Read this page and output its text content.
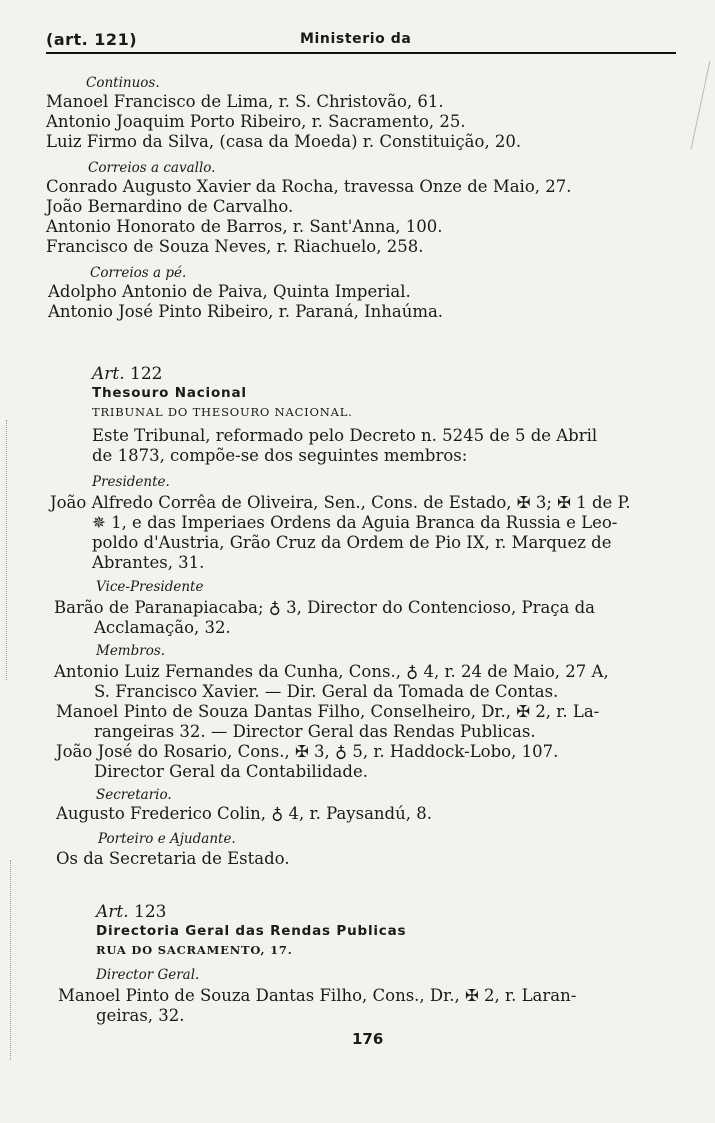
(art. 121)	Ministerio da
Continuos.
Manoel Francisco de Lima, r. S. Christovão, 61.
Antonio Joaquim Porto Ribeiro, r. Sacramento, 25.
Luiz Firmo da Silva, (casa da Moeda) r. Constituição, 20.
Correios a cavallo.
Conrado Augusto Xavier da Rocha, travessa Onze de Maio, 27.
João Bernardino de Carvalho.
Antonio Honorato de Barros, r. Sant'Anna, 100.
Francisco de Souza Neves, r. Riachuelo, 258.
Correios a pé.
Adolpho Antonio de Paiva, Quinta Imperial.
Antonio José Pinto Ribeiro, r. Paraná, Inhaúma.
Art. 122
Thesouro Nacional
TRIBUNAL DO THESOURO NACIONAL.
Este Tribunal, reformado pelo Decreto n. 5245 de 5 de Abril
de 1873, compõe-se dos seguintes membros:
Presidente.
João Alfredo Corrêa de Oliveira, Sen., Cons. de Estado, ✠ 3; ✠ 1 de P.
✵ 1, e das Imperiaes Ordens da Aguia Branca da Russia e Leo-
poldo d'Austria, Grão Cruz da Ordem de Pio IX, r. Marquez de
Abrantes, 31.
Vice-Presidente
Barão de Paranapiacaba; ♁ 3, Director do Contencioso, Praça da
Acclamação, 32.
Membros.
Antonio Luiz Fernandes da Cunha, Cons., ♁ 4, r. 24 de Maio, 27 A,
S. Francisco Xavier. — Dir. Geral da Tomada de Contas.
Manoel Pinto de Souza Dantas Filho, Conselheiro, Dr., ✠ 2, r. La-
rangeiras 32. — Director Geral das Rendas Publicas.
João José do Rosario, Cons., ✠ 3, ♁ 5, r. Haddock-Lobo, 107.
Director Geral da Contabilidade.
Secretario.
Augusto Frederico Colin, ♁ 4, r. Paysandú, 8.
Porteiro e Ajudante.
Os da Secretaria de Estado.
Art. 123
Directoria Geral das Rendas Publicas
RUA DO SACRAMENTO, 17.
Director Geral.
Manoel Pinto de Souza Dantas Filho, Cons., Dr., ✠ 2, r. Laran-
geiras, 32.
176
